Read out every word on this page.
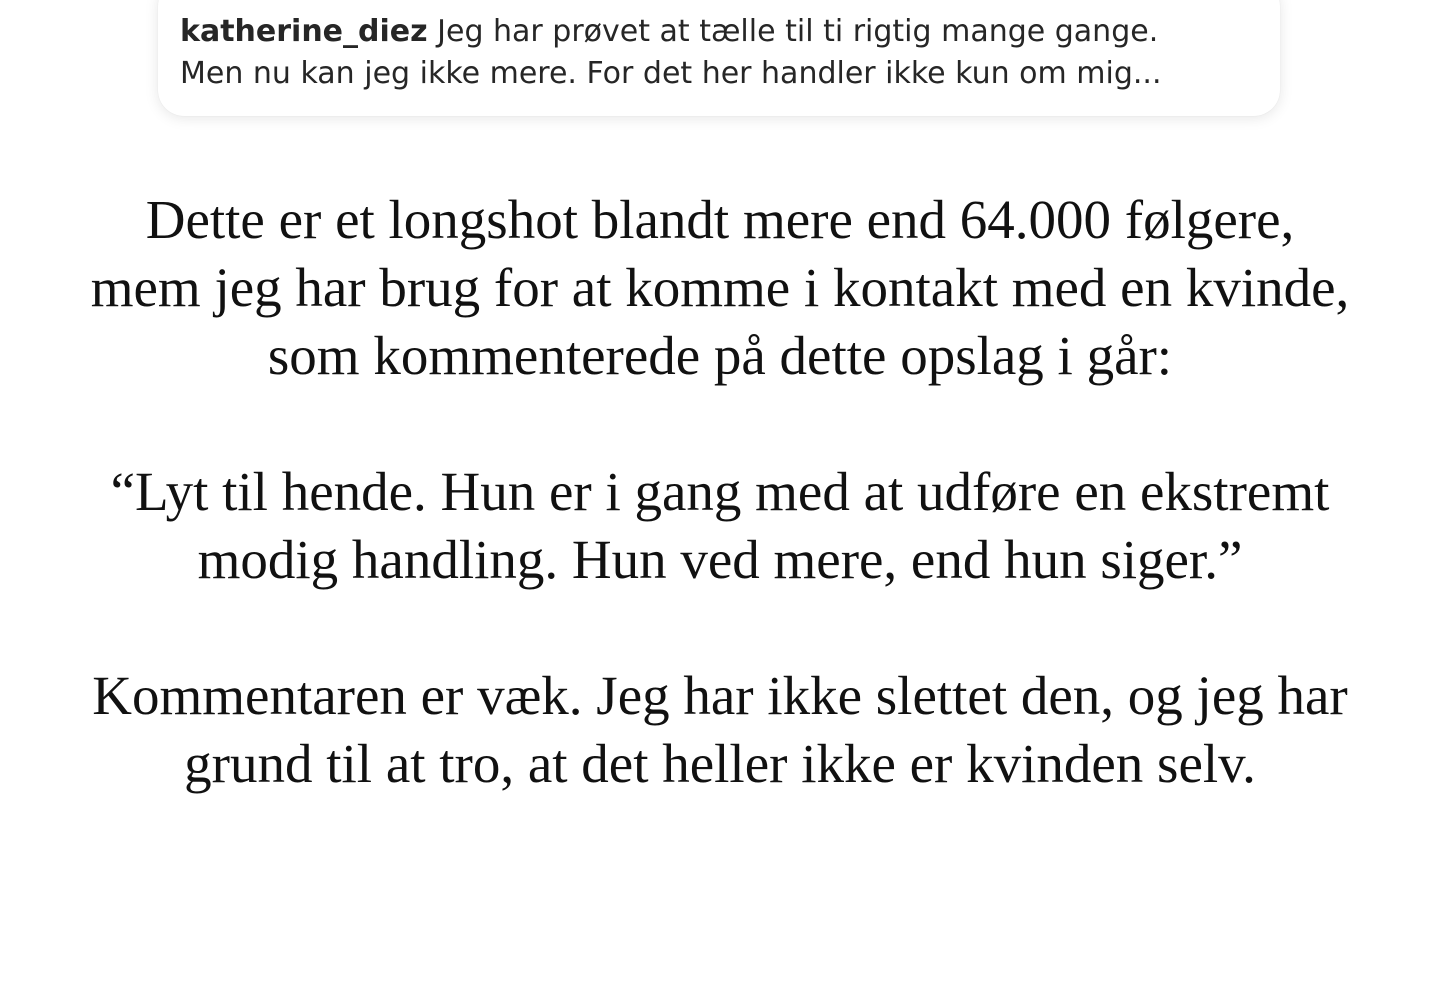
katherine_diez Jeg har prøvet at tælle til ti rigtig mange gange.
Men nu kan jeg ikke mere. For det her handler ikke kun om mig...

Dette er et longshot blandt mere end 64.000 følgere,
mem jeg har brug for at komme i kontakt med en kvinde,
som kommenterede på dette opslag i går:

“Lyt til hende. Hun er i gang med at udføre en ekstremt
modig handling. Hun ved mere, end hun siger.”

Kommentaren er væk. Jeg har ikke slettet den, og jeg har
grund til at tro, at det heller ikke er kvinden selv.
